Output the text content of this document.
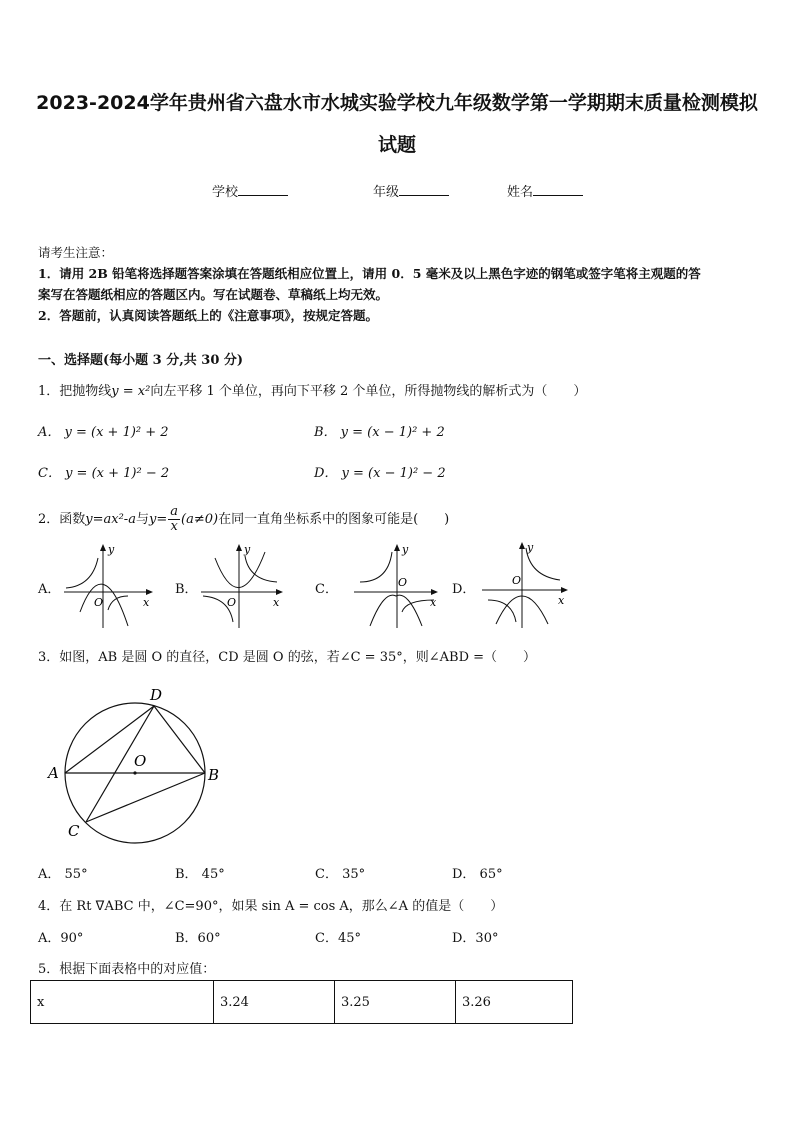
2023-2024学年贵州省六盘水市水城实验学校九年级数学第一学期期末质量检测模拟
试题
学校	年级	姓名
请考生注意：
1．请用 2B 铅笔将选择题答案涂填在答题纸相应位置上，请用 0．5 毫米及以上黑色字迹的钢笔或签字笔将主观题的答
案写在答题纸相应的答题区内。写在试题卷、草稿纸上均无效。
2．答题前，认真阅读答题纸上的《注意事项》，按规定答题。
一、选择题(每小题 3 分,共 30 分)
1．把抛物线y = x²向左平移 1 个单位，再向下平移 2 个单位，所得抛物线的解析式为（　　）
A． y = (x + 1)² + 2	B． y = (x − 1)² + 2
C． y = (x + 1)² − 2	D． y = (x − 1)² − 2
2．函数y=ax²-a与$y= \frac{a}{x} (a\ne 0)$在同一直角坐标系中的图象可能是(　　)
A．	B．	C．	D．
y
x
O
y
x
O
y
x
O
y
x
O
3．如图，AB 是圆 O 的直径，CD 是圆 O 的弦，若∠C = 35°，则∠ABD =（　　）
D
A	B
C
O
A． 55°	B． 45°	C． 35°	D． 65°
4．在 Rt ᐁABC 中，∠C=90°，如果 sin A = cos A，那么∠A 的值是（　　）
A．90°	B．60°	C．45°	D．30°
5．根据下面表格中的对应值：
x	3.24	3.25	3.26
